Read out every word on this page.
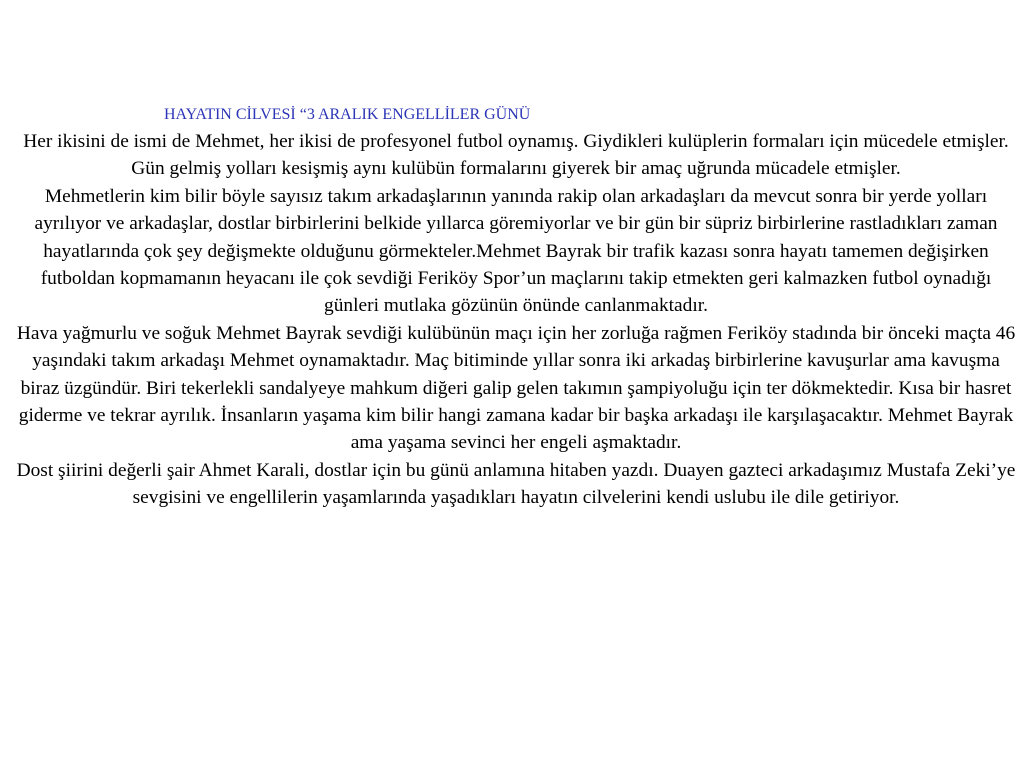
HAYATIN CİLVESİ “3 ARALIK ENGELLİLER GÜNÜ

Her ikisini de ismi de Mehmet, her ikisi de profesyonel futbol oynamış. Giydikleri kulüplerin formaları için mücedele etmişler. Gün gelmiş yolları kesişmiş aynı kulübün formalarını giyerek bir amaç uğrunda mücadele etmişler.

Mehmetlerin kim bilir böyle sayısız takım arkadaşlarının yanında rakip olan arkadaşları da mevcut sonra bir yerde yolları ayrılıyor ve arkadaşlar, dostlar birbirlerini belkide yıllarca göremiyorlar ve bir gün bir süpriz birbirlerine rastladıkları zaman hayatlarında çok şey değişmekte olduğunu görmekteler.Mehmet Bayrak bir trafik kazası sonra hayatı tamemen değişirken futboldan kopmamanın heyacanı ile çok sevdiği Feriköy Spor’un maçlarını takip etmekten geri kalmazken futbol oynadığı günleri mutlaka gözünün önünde canlanmaktadır.

Hava yağmurlu ve soğuk Mehmet Bayrak sevdiği kulübünün maçı için her zorluğa rağmen Feriköy stadında bir önceki maçta 46 yaşındaki takım arkadaşı Mehmet oynamaktadır. Maç bitiminde yıllar sonra iki arkadaş birbirlerine kavuşurlar ama kavuşma biraz üzgündür. Biri tekerlekli sandalyeye mahkum diğeri galip gelen takımın şampiyoluğu için ter dökmektedir. Kısa bir hasret giderme ve tekrar ayrılık. İnsanların yaşama kim bilir hangi zamana kadar bir başka arkadaşı ile karşılaşacaktır. Mehmet Bayrak ama yaşama sevinci her engeli aşmaktadır.

Dost şiirini değerli şair Ahmet Karali, dostlar için bu günü anlamına hitaben yazdı. Duayen gazteci arkadaşımız Mustafa Zeki’ye sevgisini ve engellilerin yaşamlarında yaşadıkları hayatın cilvelerini kendi uslubu ile dile getiriyor.
